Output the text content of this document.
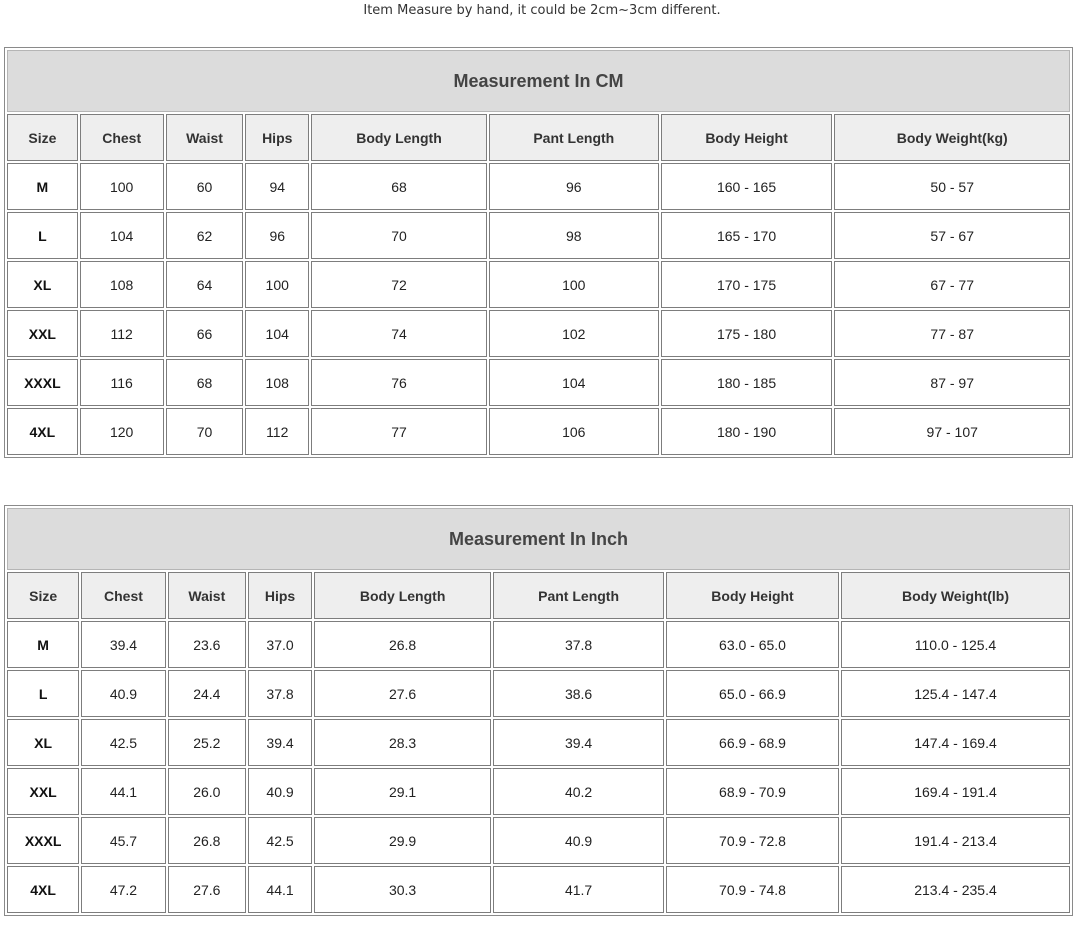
Item Measure by hand, it could be 2cm~3cm different.
Measurement In CM							
Size	Chest	Waist	Hips	Body Length	Pant Length	Body Height	Body Weight(kg)
M	100	60	94	68	96	160 - 165	50 - 57
L	104	62	96	70	98	165 - 170	57 - 67
XL	108	64	100	72	100	170 - 175	67 - 77
XXL	112	66	104	74	102	175 - 180	77 - 87
XXXL	116	68	108	76	104	180 - 185	87 - 97
4XL	120	70	112	77	106	180 - 190	97 - 107
Measurement In Inch							
Size	Chest	Waist	Hips	Body Length	Pant Length	Body Height	Body Weight(lb)
M	39.4	23.6	37.0	26.8	37.8	63.0 - 65.0	110.0 - 125.4
L	40.9	24.4	37.8	27.6	38.6	65.0 - 66.9	125.4 - 147.4
XL	42.5	25.2	39.4	28.3	39.4	66.9 - 68.9	147.4 - 169.4
XXL	44.1	26.0	40.9	29.1	40.2	68.9 - 70.9	169.4 - 191.4
XXXL	45.7	26.8	42.5	29.9	40.9	70.9 - 72.8	191.4 - 213.4
4XL	47.2	27.6	44.1	30.3	41.7	70.9 - 74.8	213.4 - 235.4
